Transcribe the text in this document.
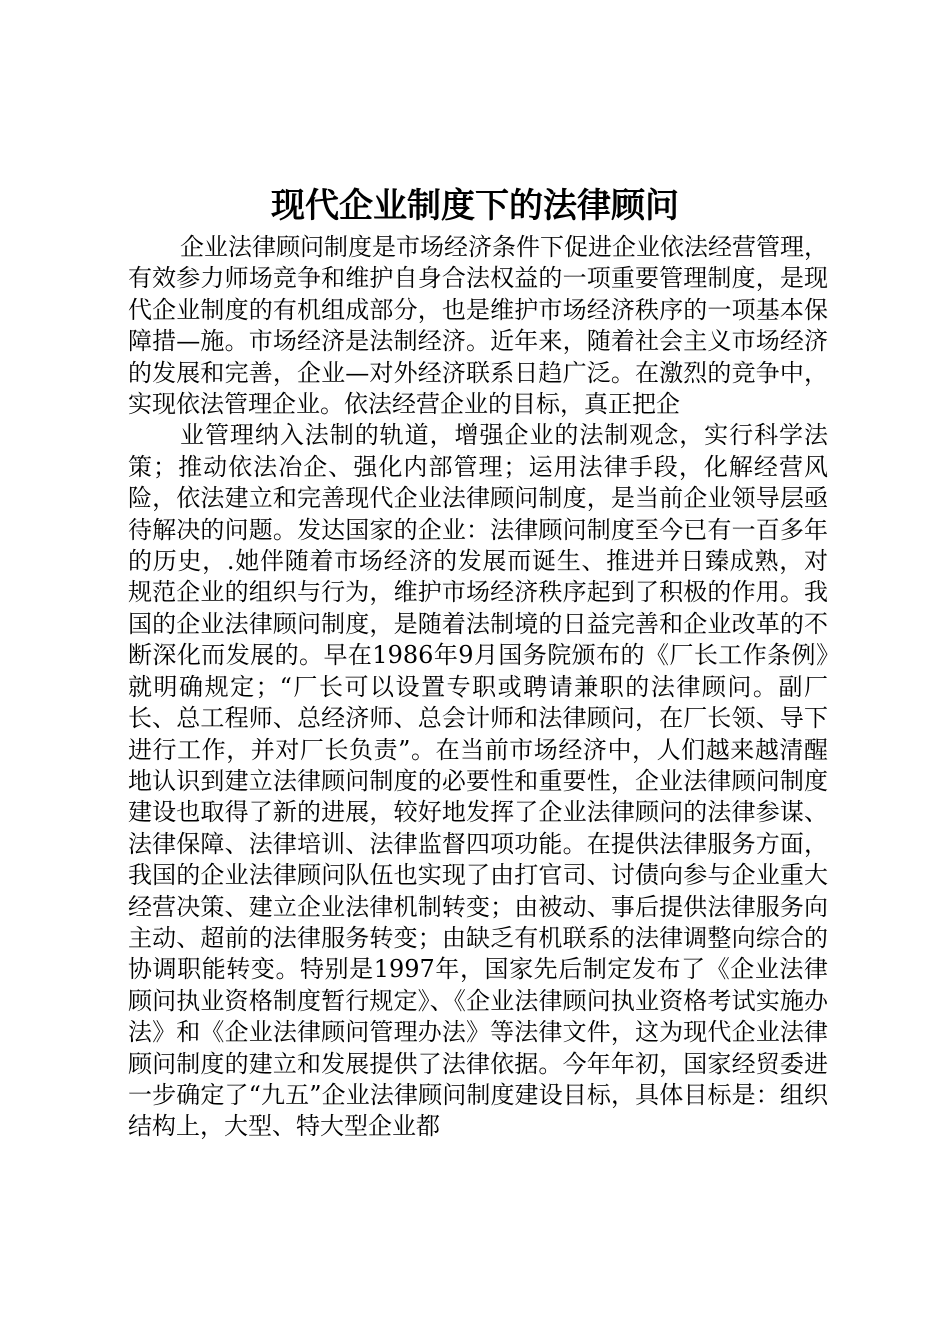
现代企业制度下的法律顾问

企业法律顾问制度是市场经济条件下促进企业依法经营管理，有效参力师场竞争和维护自身合法权益的一项重要管理制度，是现代企业制度的有机组成部分，也是维护市场经济秩序的一项基本保障措—施。市场经济是法制经济。近年来，随着社会主义市场经济的发展和完善，企业—对外经济联系日趋广泛。在激烈的竞争中，实现依法管理企业。依法经营企业的目标，真正把企

业管理纳入法制的轨道，增强企业的法制观念，实行科学法策；推动依法冶企、强化内部管理；运用法律手段，化解经营风险，依法建立和完善现代企业法律顾问制度，是当前企业领导层亟待解决的问题。发达国家的企业：法律顾问制度至今已有一百多年的历史，.她伴随着市场经济的发展而诞生、推进并日臻成熟，对规范企业的组织与行为，维护市场经济秩序起到了积极的作用。我国的企业法律顾问制度，是随着法制境的日益完善和企业改革的不断深化而发展的。早在1986年9月国务院颁布的《厂长工作条例》就明确规定；“厂长可以设置专职或聘请兼职的法律顾问。副厂长、总工程师、总经济师、总会计师和法律顾问，在厂长领、导下进行工作，并对厂长负责”。在当前市场经济中，人们越来越清醒地认识到建立法律顾问制度的必要性和重要性，企业法律顾问制度建设也取得了新的进展，较好地发挥了企业法律顾问的法律参谋、法律保障、法律培训、法律监督四项功能。在提供法律服务方面，我国的企业法律顾问队伍也实现了由打官司、讨债向参与企业重大经营决策、建立企业法律机制转变；由被动、事后提供法律服务向主动、超前的法律服务转变；由缺乏有机联系的法律调整向综合的协调职能转变。特别是1997年，国家先后制定发布了《企业法律顾问执业资格制度暂行规定》、《企业法律顾问执业资格考试实施办法》和《企业法律顾问管理办法》等法律文件，这为现代企业法律顾问制度的建立和发展提供了法律依据。今年年初，国家经贸委进一步确定了“九五”企业法律顾问制度建设目标，具体目标是：组织结构上，大型、特大型企业都
